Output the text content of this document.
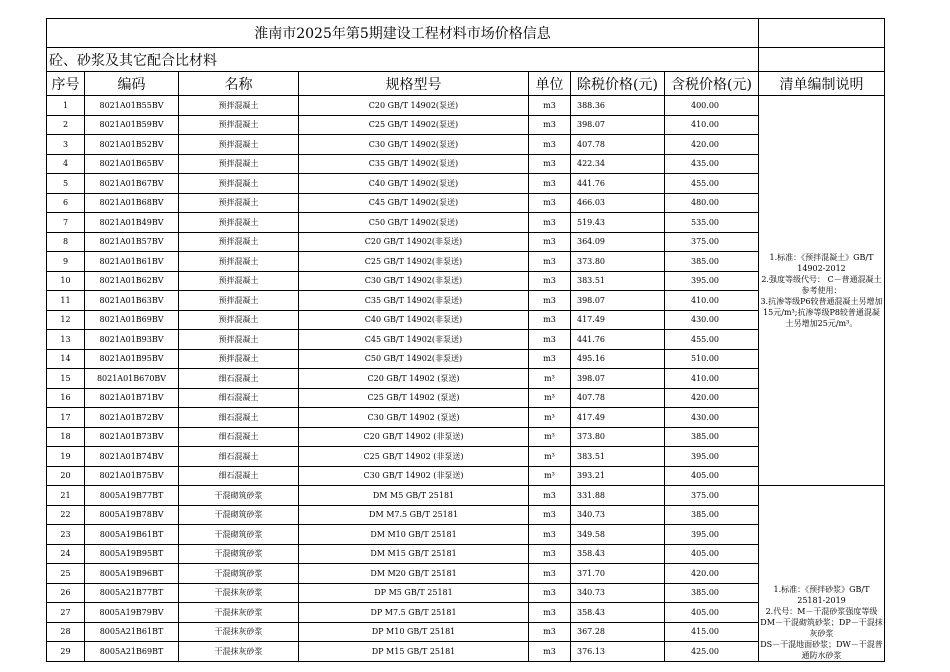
淮南市2025年第5期建设工程材料市场价格信息							
砼、砂浆及其它配合比材料							
序号	编码	名称	规格型号	单位	除税价格(元)	含税价格(元)	清单编制说明
1	8021A01B55BV	预拌混凝土	C20 GB/T 14902(泵送)	m3	388.36	400.00	1.标准：《预拌混凝土》GB/T 14902-2012

2.强度等级代号： C－普通混凝土参考使用：

3.抗渗等级P6较普通混凝土另增加15元/m³;抗渗等级P8较普通混凝土另增加25元/m³。

2	8021A01B59BV	预拌混凝土	C25 GB/T 14902(泵送)	m3	398.07	410.00	
3	8021A01B52BV	预拌混凝土	C30 GB/T 14902(泵送)	m3	407.78	420.00	
4	8021A01B65BV	预拌混凝土	C35 GB/T 14902(泵送)	m3	422.34	435.00	
5	8021A01B67BV	预拌混凝土	C40 GB/T 14902(泵送)	m3	441.76	455.00	
6	8021A01B68BV	预拌混凝土	C45 GB/T 14902(泵送)	m3	466.03	480.00	
7	8021A01B49BV	预拌混凝土	C50 GB/T 14902(泵送)	m3	519.43	535.00	
8	8021A01B57BV	预拌混凝土	C20 GB/T 14902(非泵送)	m3	364.09	375.00	
9	8021A01B61BV	预拌混凝土	C25 GB/T 14902(非泵送)	m3	373.80	385.00	
10	8021A01B62BV	预拌混凝土	C30 GB/T 14902(非泵送)	m3	383.51	395.00	
11	8021A01B63BV	预拌混凝土	C35 GB/T 14902(非泵送)	m3	398.07	410.00	
12	8021A01B69BV	预拌混凝土	C40 GB/T 14902(非泵送)	m3	417.49	430.00	
13	8021A01B93BV	预拌混凝土	C45 GB/T 14902(非泵送)	m3	441.76	455.00	
14	8021A01B95BV	预拌混凝土	C50 GB/T 14902(非泵送)	m3	495.16	510.00	
15	8021A01B670BV	细石混凝土	C20 GB/T 14902 (泵送)	m³	398.07	410.00	
16	8021A01B71BV	细石混凝土	C25 GB/T 14902 (泵送)	m³	407.78	420.00	
17	8021A01B72BV	细石混凝土	C30 GB/T 14902 (泵送)	m³	417.49	430.00	
18	8021A01B73BV	细石混凝土	C20 GB/T 14902 (非泵送)	m³	373.80	385.00	
19	8021A01B74BV	细石混凝土	C25 GB/T 14902 (非泵送)	m³	383.51	395.00	
20	8021A01B75BV	细石混凝土	C30 GB/T 14902 (非泵送)	m³	393.21	405.00	
21	8005A19B77BT	干混砌筑砂浆	DM M5 GB/T 25181	m3	331.88	375.00	1.标准：《预拌砂浆》GB/T 25181-2019

2.代号：M－干混砂浆强度等级

DM－干混砌筑砂浆；DP－干混抹灰砂浆

DS－干混地面砂浆；DW－干混普通防水砂浆

22	8005A19B78BV	干混砌筑砂浆	DM M7.5 GB/T 25181	m3	340.73	385.00	
23	8005A19B61BT	干混砌筑砂浆	DM M10 GB/T 25181	m3	349.58	395.00	
24	8005A19B95BT	干混砌筑砂浆	DM M15 GB/T 25181	m3	358.43	405.00	
25	8005A19B96BT	干混砌筑砂浆	DM M20 GB/T 25181	m3	371.70	420.00	
26	8005A21B77BT	干混抹灰砂浆	DP M5 GB/T 25181	m3	340.73	385.00	
27	8005A19B79BV	干混抹灰砂浆	DP M7.5 GB/T 25181	m3	358.43	405.00	
28	8005A21B61BT	干混抹灰砂浆	DP M10 GB/T 25181	m3	367.28	415.00	
29	8005A21B69BT	干混抹灰砂浆	DP M15 GB/T 25181	m3	376.13	425.00	
